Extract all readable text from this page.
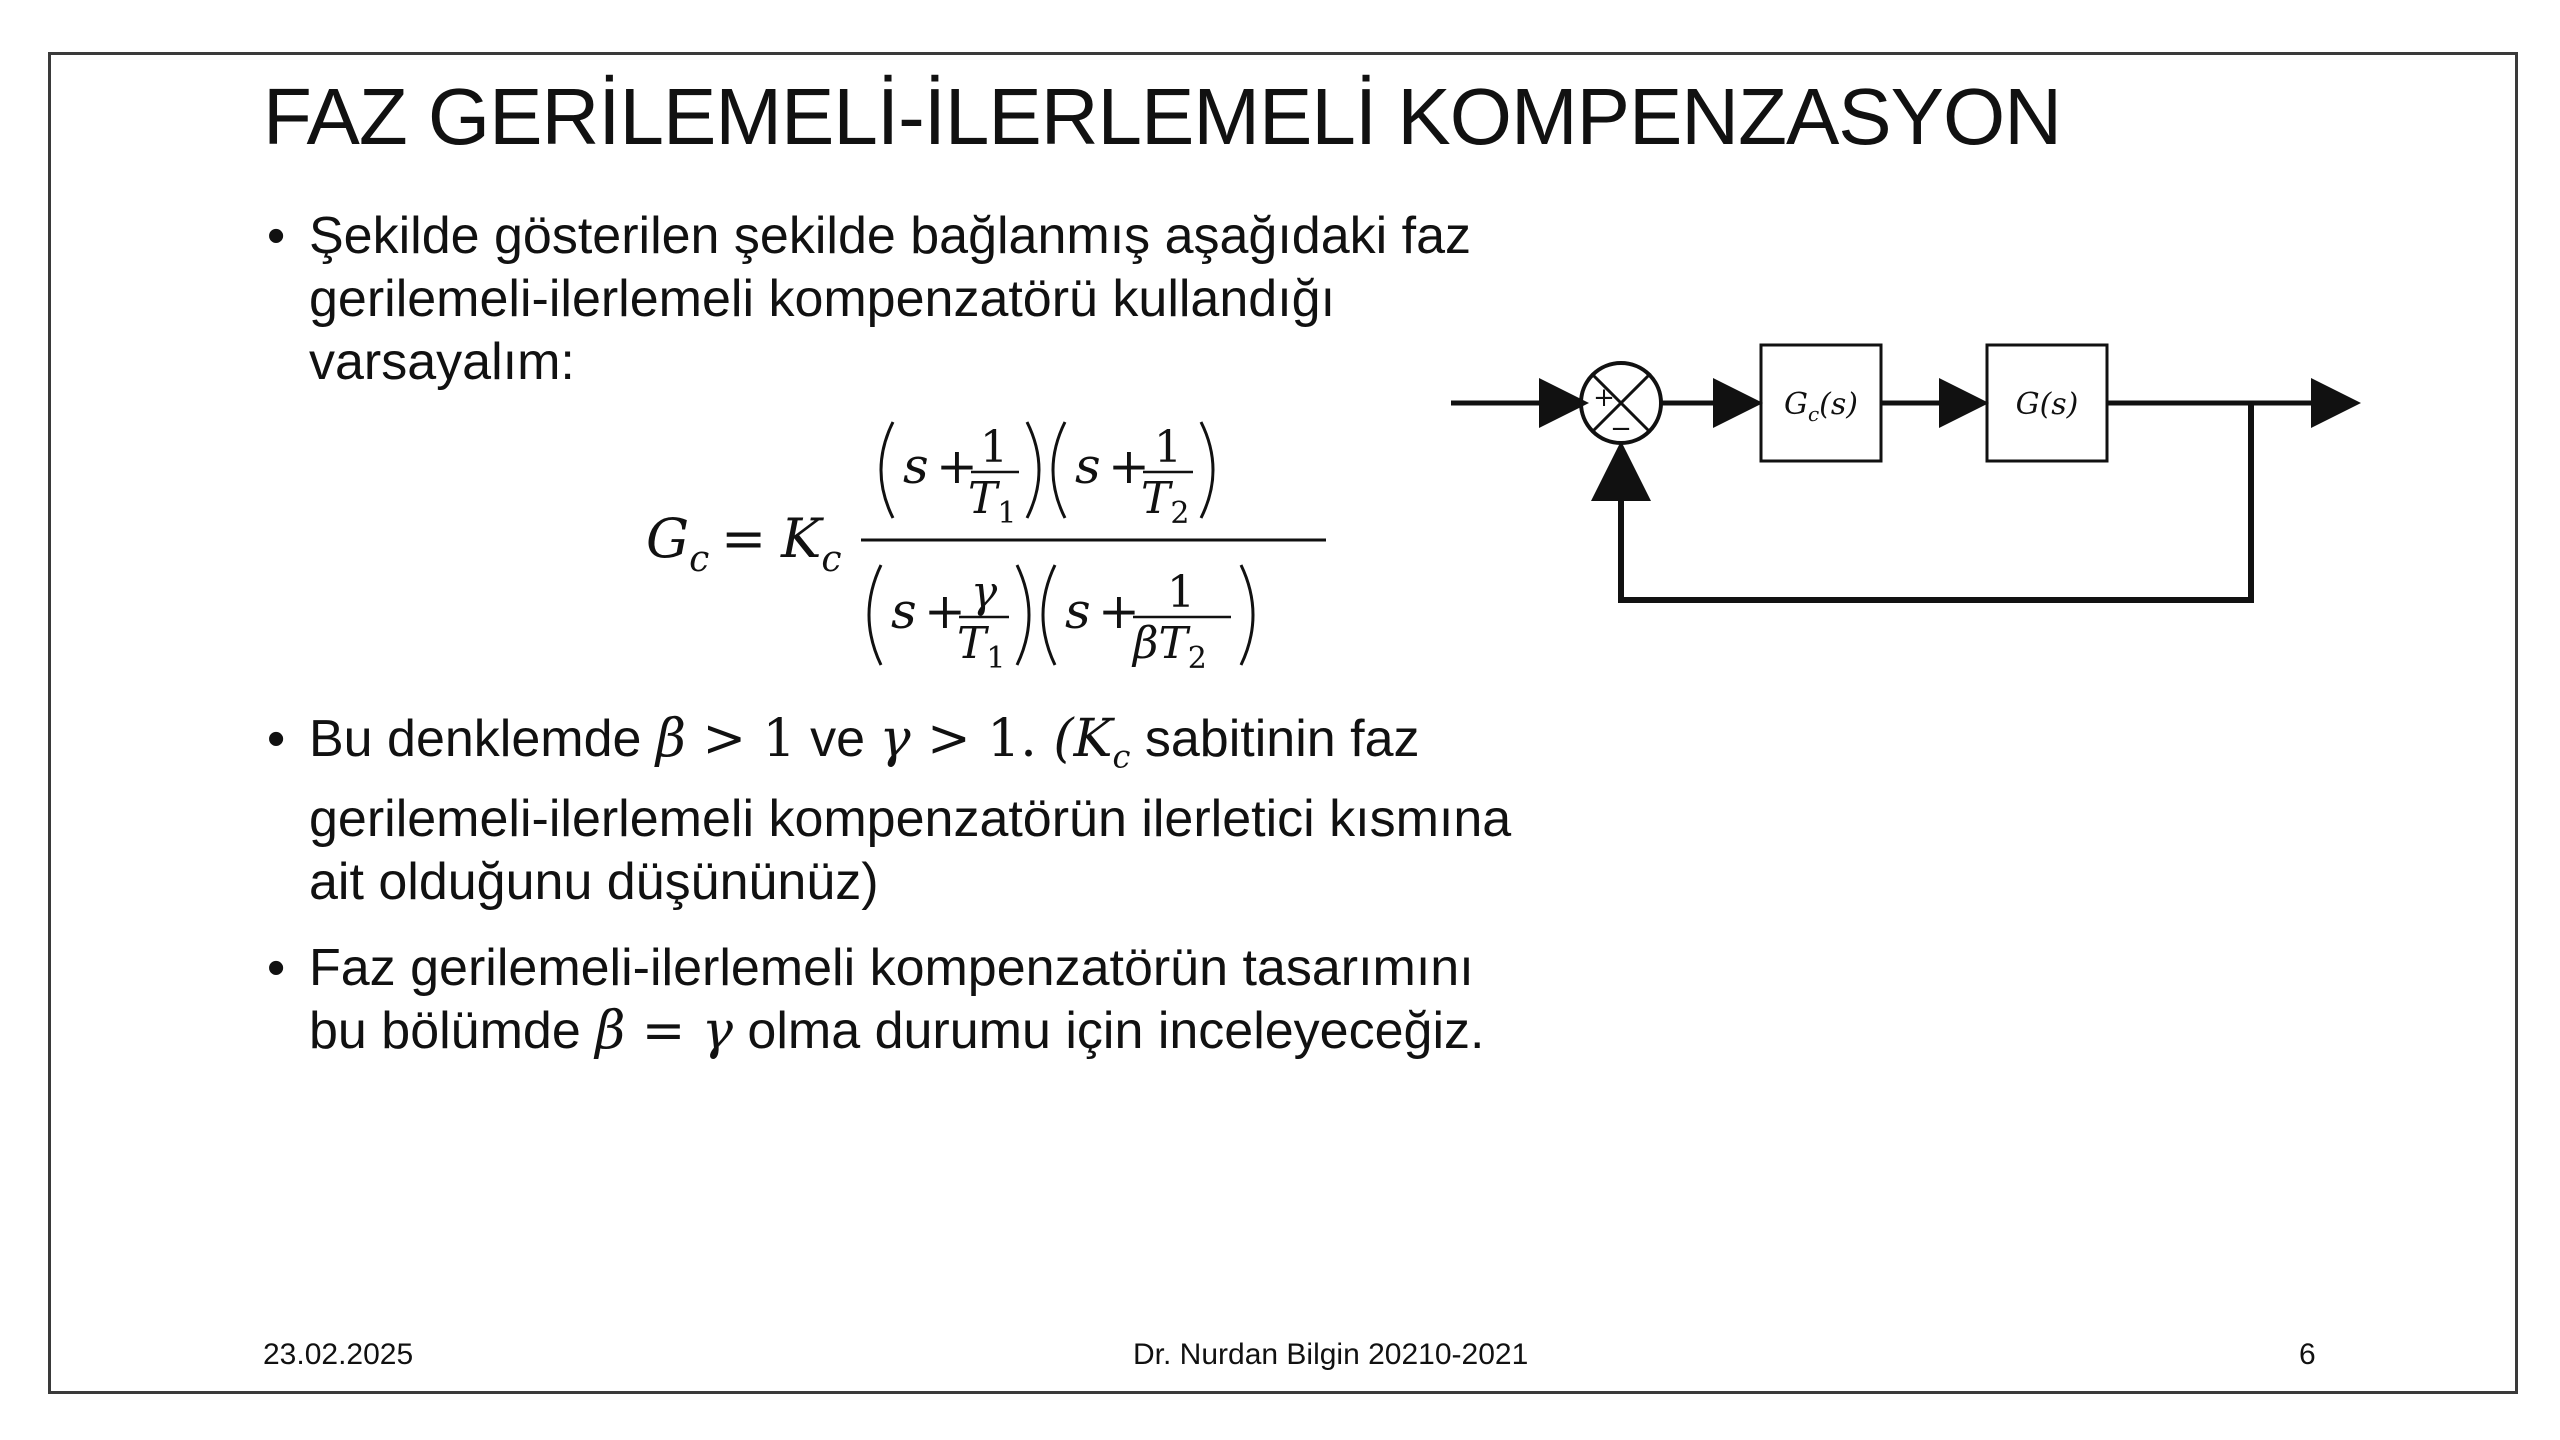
FAZ GERİLEMELİ-İLERLEMELİ KOMPENZASYON
• Şekilde gösterilen şekilde bağlanmış aşağıdaki faz
gerilemeli-ilerlemeli kompenzatörü kullandığı
varsayalım:
$G_c = K_c$
s + 1
$T_1$
s + 1
$T_2$
s + γ
$T_1$
s + 1
$\beta T_2$
+
−
$G_c(s)$	G(s)
• Bu denklemde β > 1 ve γ > 1. ($K_c$ sabitinin faz
gerilemeli-ilerlemeli kompenzatörün ilerletici kısmına
ait olduğunu düşününüz)
• Faz gerilemeli-ilerlemeli kompenzatörün tasarımını
bu bölümde β = γ olma durumu için inceleyeceğiz.
23.02.2025	Dr. Nurdan Bilgin 20210-2021	6
